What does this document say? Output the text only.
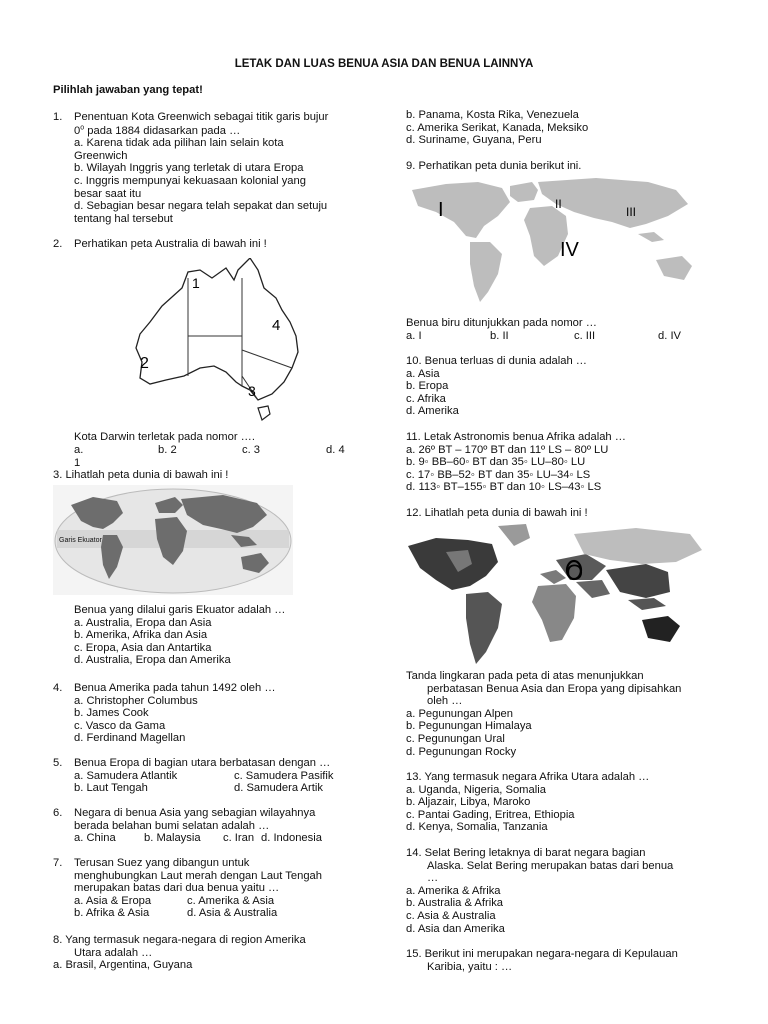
LETAK DAN LUAS BENUA ASIA DAN BENUA LAINNYA
Pilihlah jawaban yang tepat!
1. Penentuan Kota Greenwich sebagai titik garis bujur
0$^o$ pada 1884 didasarkan pada …
a. Karena tidak ada pilihan lain selain kota
Greenwich
b. Wilayah Inggris yang terletak di utara Eropa
c. Inggris mempunyai kekuasaan kolonial yang
besar saat itu
d. Sebagian besar negara telah sepakat dan setuju
tentang hal tersebut
2. Perhatikan peta Australia di bawah ini !
1
2
3
4
Kota Darwin terletak pada nomor ….
a. 1
b. 2	c. 3	d. 4
3. Lihatlah peta dunia di bawah ini !
Garis Ekuator
Benua yang dilalui garis Ekuator adalah …
a. Australia, Eropa dan Asia
b. Amerika, Afrika dan Asia
c. Eropa, Asia dan Antartika
d. Australia, Eropa dan Amerika
4. Benua Amerika pada tahun 1492 oleh …
a. Christopher Columbus
b. James Cook
c. Vasco da Gama
d. Ferdinand Magellan
5. Benua Eropa di bagian utara berbatasan dengan …
a. Samudera Atlantik	c. Samudera Pasifik
b. Laut Tengah	d. Samudera Artik
6. Negara di benua Asia yang sebagian wilayahnya
berada belahan bumi selatan adalah …
a. China	b. Malaysia c. Iran d. Indonesia
7. Terusan Suez yang dibangun untuk
menghubungkan Laut merah dengan Laut Tengah
merupakan batas dari dua benua yaitu …
a. Asia & Eropa	c. Amerika & Asia
b. Afrika & Asia	d. Asia & Australia
8. Yang termasuk negara-negara di region Amerika
Utara adalah …
a. Brasil, Argentina, Guyana
b. Panama, Kosta Rika, Venezuela
c. Amerika Serikat, Kanada, Meksiko
d. Suriname, Guyana, Peru
9. Perhatikan peta dunia berikut ini.
I	II
III
IV
Benua biru ditunjukkan pada nomor …
a. I	b. II	c. III	d. IV
10. Benua terluas di dunia adalah …
a. Asia
b. Eropa
c. Afrika
d. Amerika
11. Letak Astronomis benua Afrika adalah …
a. 26º BT – 170º BT dan 11º LS – 80º LU
b. 9◦ BB–60◦ BT dan 35◦ LU–80◦ LU
c. 17◦ BB–52◦ BT dan 35◦ LU–34◦ LS
d. 113◦ BT–155◦ BT dan 10◦ LS–43◦ LS
12. Lihatlah peta dunia di bawah ini !
O
Tanda lingkaran pada peta di atas menunjukkan
perbatasan Benua Asia dan Eropa yang dipisahkan
oleh …
a. Pegunungan Alpen
b. Pegunungan Himalaya
c. Pegunungan Ural
d. Pegunungan Rocky
13. Yang termasuk negara Afrika Utara adalah …
a. Uganda, Nigeria, Somalia
b. Aljazair, Libya, Maroko
c. Pantai Gading, Eritrea, Ethiopia
d. Kenya, Somalia, Tanzania
14. Selat Bering letaknya di barat negara bagian
Alaska. Selat Bering merupakan batas dari benua
…
a. Amerika & Afrika
b. Australia & Afrika
c. Asia & Australia
d. Asia dan Amerika
15. Berikut ini merupakan negara-negara di Kepulauan
Karibia, yaitu : …
